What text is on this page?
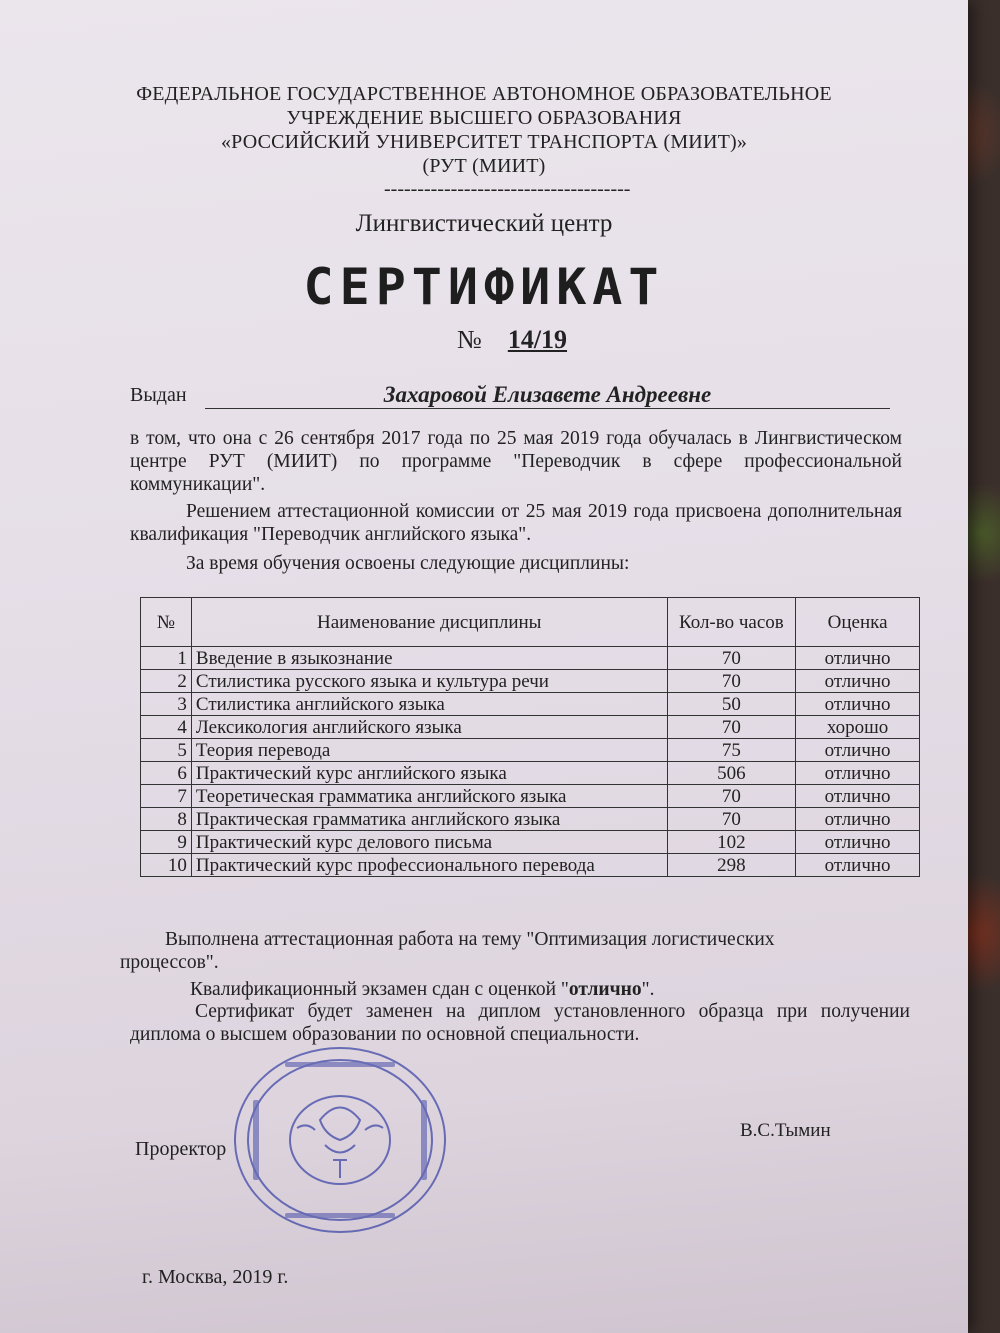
ФЕДЕРАЛЬНОЕ ГОСУДАРСТВЕННОЕ АВТОНОМНОЕ ОБРАЗОВАТЕЛЬНОЕ
УЧРЕЖДЕНИЕ ВЫСШЕГО ОБРАЗОВАНИЯ
«РОССИЙСКИЙ УНИВЕРСИТЕТ ТРАНСПОРТА (МИИТ)»
(РУТ (МИИТ)
-------------------------------------
Лингвистический центр
СЕРТИФИКАТ
№ 14/19
Выдан	Захаровой Елизавете Андреевне
в том, что она с 26 сентября 2017 года по 25 мая 2019 года обучалась в Лингвистическом центре РУТ (МИИТ) по программе "Переводчик в сфере профессиональной коммуникации".
Решением аттестационной комиссии от 25 мая 2019 года присвоена дополнительная квалификация "Переводчик английского языка".
За время обучения освоены следующие дисциплины:
№	Наименование дисциплины	Кол-во часов	Оценка
1	Введение в языкознание	70	отлично
2	Стилистика русского языка и культура речи	70	отлично
3	Стилистика английского языка	50	отлично
4	Лексикология английского языка	70	хорошо
5	Теория перевода	75	отлично
6	Практический курс английского языка	506	отлично
7	Теоретическая грамматика английского языка	70	отлично
8	Практическая грамматика английского языка	70	отлично
9	Практический курс делового письма	102	отлично
10	Практический курс профессионального перевода	298	отлично
Выполнена аттестационная работа на тему "Оптимизация логистических
процессов".
Квалификационный экзамен сдан с оценкой "отлично".
Сертификат будет заменен на диплом установленного образца при получении диплома о высшем образовании по основной специальности.
Проректор
В.С.Тымин
г. Москва, 2019 г.
